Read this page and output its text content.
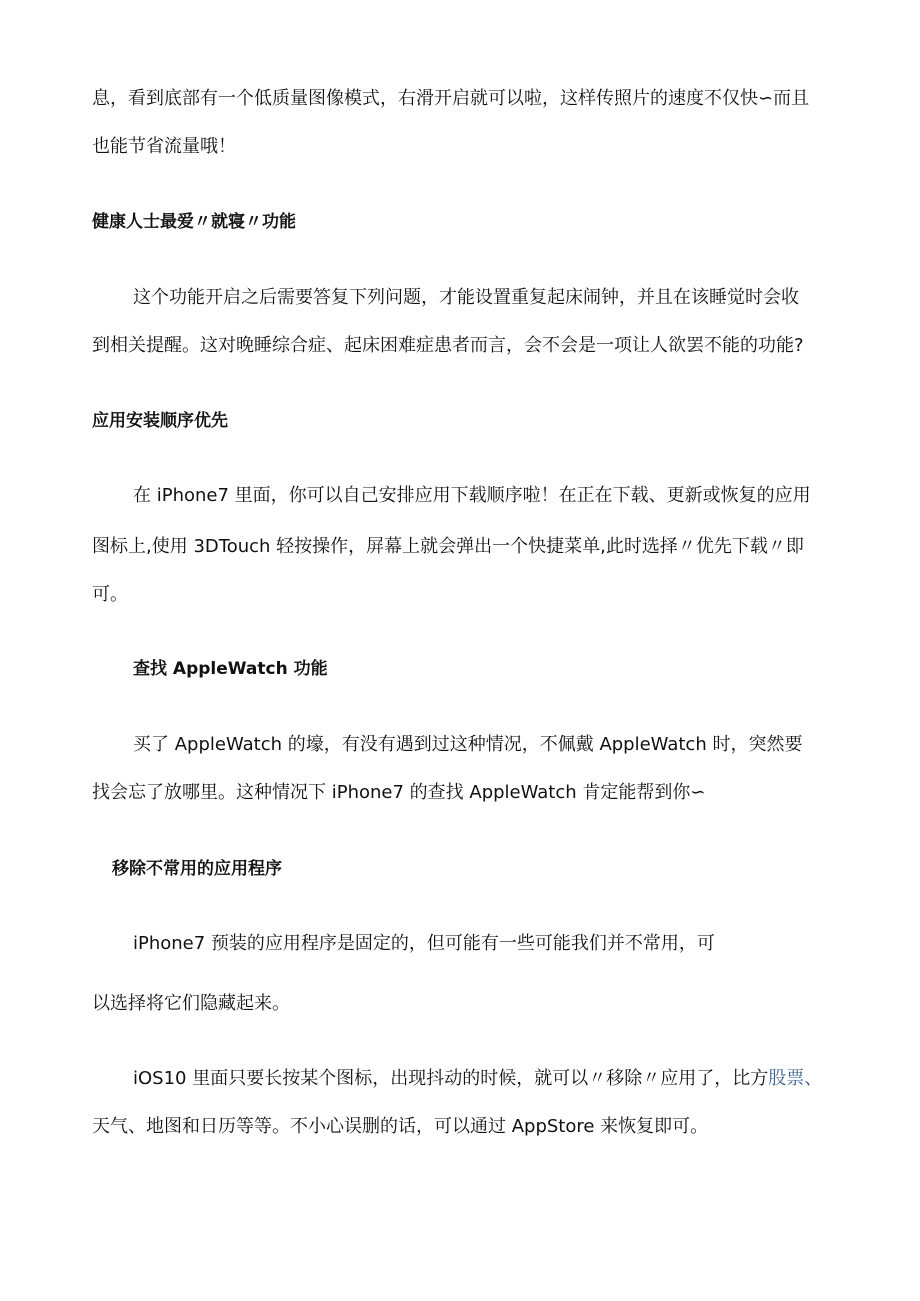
息，看到底部有一个低质量图像模式，右滑开启就可以啦，这样传照片的速度不仅快∽而且
也能节省流量哦！
健康人士最爱〃就寝〃功能
这个功能开启之后需要答复下列问题，才能设置重复起床闹钟，并且在该睡觉时会收
到相关提醒。这对晚睡综合症、起床困难症患者而言，会不会是一项让人欲罢不能的功能?
应用安装顺序优先
在 iPhone7 里面，你可以自己安排应用下载顺序啦！在正在下载、更新或恢复的应用
图标上,使用 3DTouch 轻按操作，屏幕上就会弹出一个快捷菜单,此时选择〃优先下载〃即
可。
查找 AppleWatch 功能
买了 AppleWatch 的壕，有没有遇到过这种情况，不佩戴 AppleWatch 时，突然要
找会忘了放哪里。这种情况下 iPhone7 的查找 AppleWatch 肯定能帮到你∽
移除不常用的应用程序
iPhone7 预装的应用程序是固定的，但可能有一些可能我们并不常用，可
以选择将它们隐藏起来。
iOS10 里面只要长按某个图标，出现抖动的时候，就可以〃移除〃应用了，比方股票、
天气、地图和日历等等。不小心误删的话，可以通过 AppStore 来恢复即可。
